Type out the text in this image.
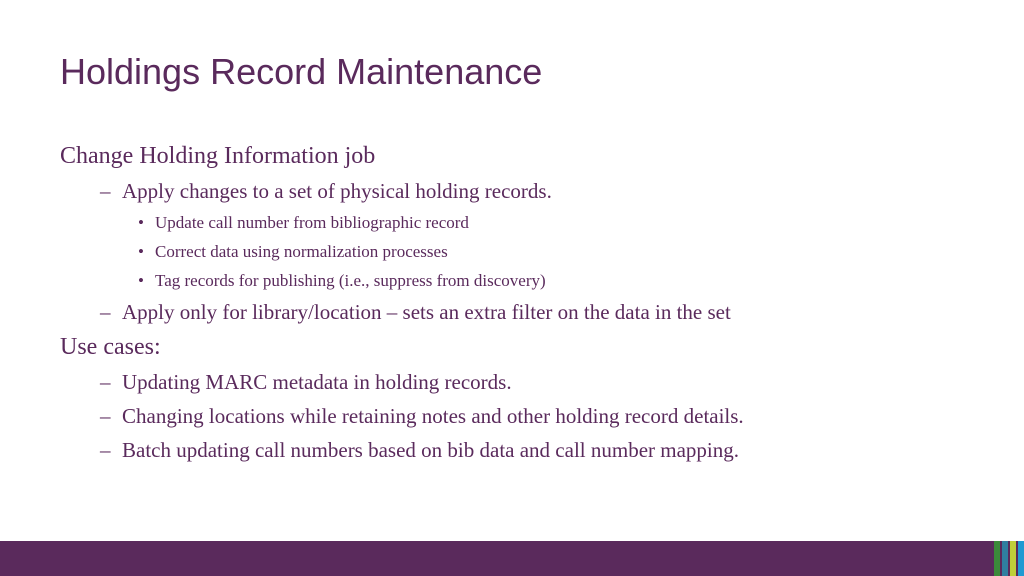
Holdings Record Maintenance
Change Holding Information job
– Apply changes to a set of physical holding records.
• Update call number from bibliographic record
• Correct data using normalization processes
• Tag records for publishing (i.e., suppress from discovery)
– Apply only for library/location – sets an extra filter on the data in the set
Use cases:
– Updating MARC metadata in holding records.
– Changing locations while retaining notes and other holding record details.
– Batch updating call numbers based on bib data and call number mapping.
